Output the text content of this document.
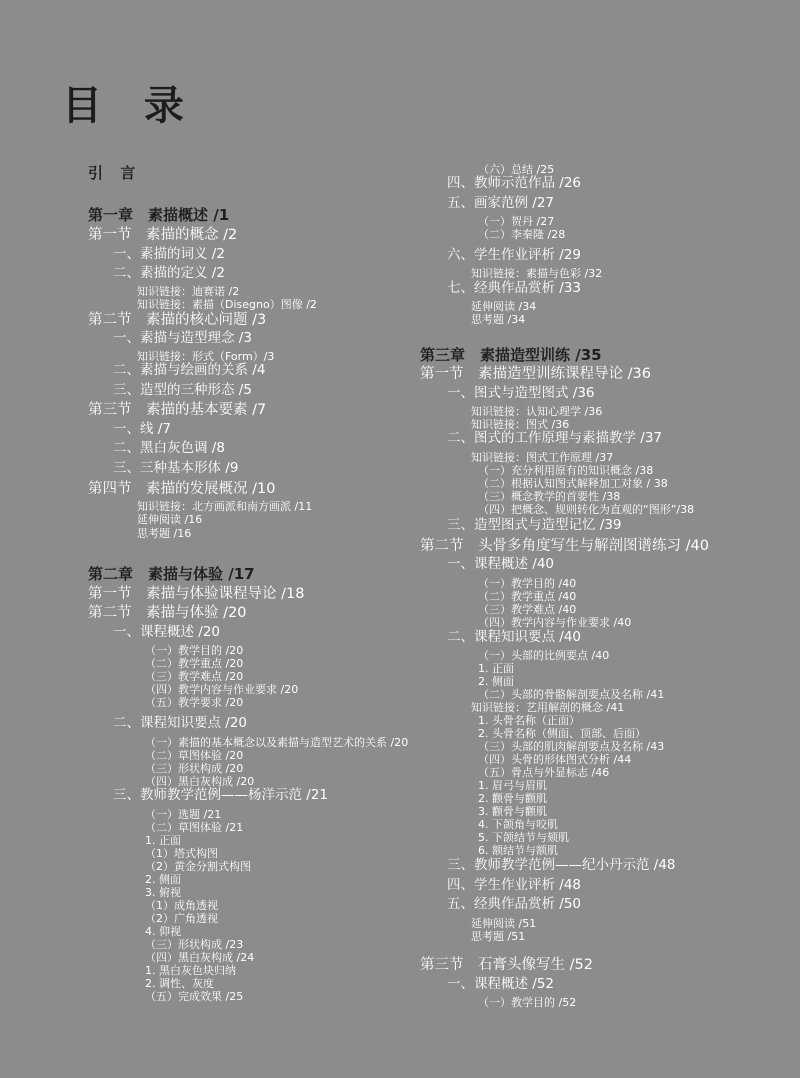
目 录
引 言
第一章　素描概述 /1
第一节　素描的概念 /2
一、素描的词义 /2
二、素描的定义 /2
知识链接：迪赛诺 /2
知识链接：素描（Disegno）图像 /2
第二节　素描的核心问题 /3
一、素描与造型理念 /3
知识链接：形式（Form）/3
二、素描与绘画的关系 /4
三、造型的三种形态 /5
第三节　素描的基本要素 /7
一、线 /7
二、黑白灰色调 /8
三、三种基本形体 /9
第四节　素描的发展概况 /10
知识链接：北方画派和南方画派 /11
延伸阅读 /16
思考题 /16
第二章　素描与体验 /17
第一节　素描与体验课程导论 /18
第二节　素描与体验 /20
一、课程概述 /20
（一）教学目的 /20
（二）教学重点 /20
（三）教学难点 /20
（四）教学内容与作业要求 /20
（五）教学要求 /20
二、课程知识要点 /20
（一）素描的基本概念以及素描与造型艺术的关系 /20
（二）草图体验 /20
（三）形状构成 /20
（四）黑白灰构成 /20
三、教师教学范例——杨洋示范 /21
（一）选题 /21
（二）草图体验 /21
1. 正面
（1）塔式构图
（2）黄金分割式构图
2. 侧面
3. 俯视
（1）成角透视
（2）广角透视
4. 仰视
（三）形状构成 /23
（四）黑白灰构成 /24
1. 黑白灰色块归纳
2. 调性、灰度
（五）完成效果 /25
（六）总结 /25
四、教师示范作品 /26
五、画家范例 /27
（一）贺丹 /27
（二）李秦隆 /28
六、学生作业评析 /29
知识链接：素描与色彩 /32
七、经典作品赏析 /33
延伸阅读 /34
思考题 /34
第三章　素描造型训练 /35
第一节　素描造型训练课程导论 /36
一、图式与造型图式 /36
知识链接：认知心理学 /36
知识链接：图式 /36
二、图式的工作原理与素描教学 /37
知识链接：图式工作原理 /37
（一）充分利用原有的知识概念 /38
（二）根据认知图式解释加工对象 / 38
（三）概念教学的首要性 /38
（四）把概念、规则转化为直观的“图形”/38
三、造型图式与造型记忆 /39
第二节　头骨多角度写生与解剖图谱练习 /40
一、课程概述 /40
（一）教学目的 /40
（二）教学重点 /40
（三）教学难点 /40
（四）教学内容与作业要求 /40
二、课程知识要点 /40
（一）头部的比例要点 /40
1. 正面
2. 侧面
（二）头部的骨骼解剖要点及名称 /41
知识链接：艺用解剖的概念 /41
1. 头骨名称（正面）
2. 头骨名称（侧面、顶部、后面）
（三）头部的肌肉解剖要点及名称 /43
（四）头骨的形体图式分析 /44
（五）骨点与外显标志 /46
1. 眉弓与眉肌
2. 颧骨与颧肌
3. 颧骨与颧肌
4. 下颌角与咬肌
5. 下颌结节与颏肌
6. 额结节与额肌
三、教师教学范例——纪小丹示范 /48
四、学生作业评析 /48
五、经典作品赏析 /50
延伸阅读 /51
思考题 /51
第三节　石膏头像写生 /52
一、课程概述 /52
（一）教学目的 /52
